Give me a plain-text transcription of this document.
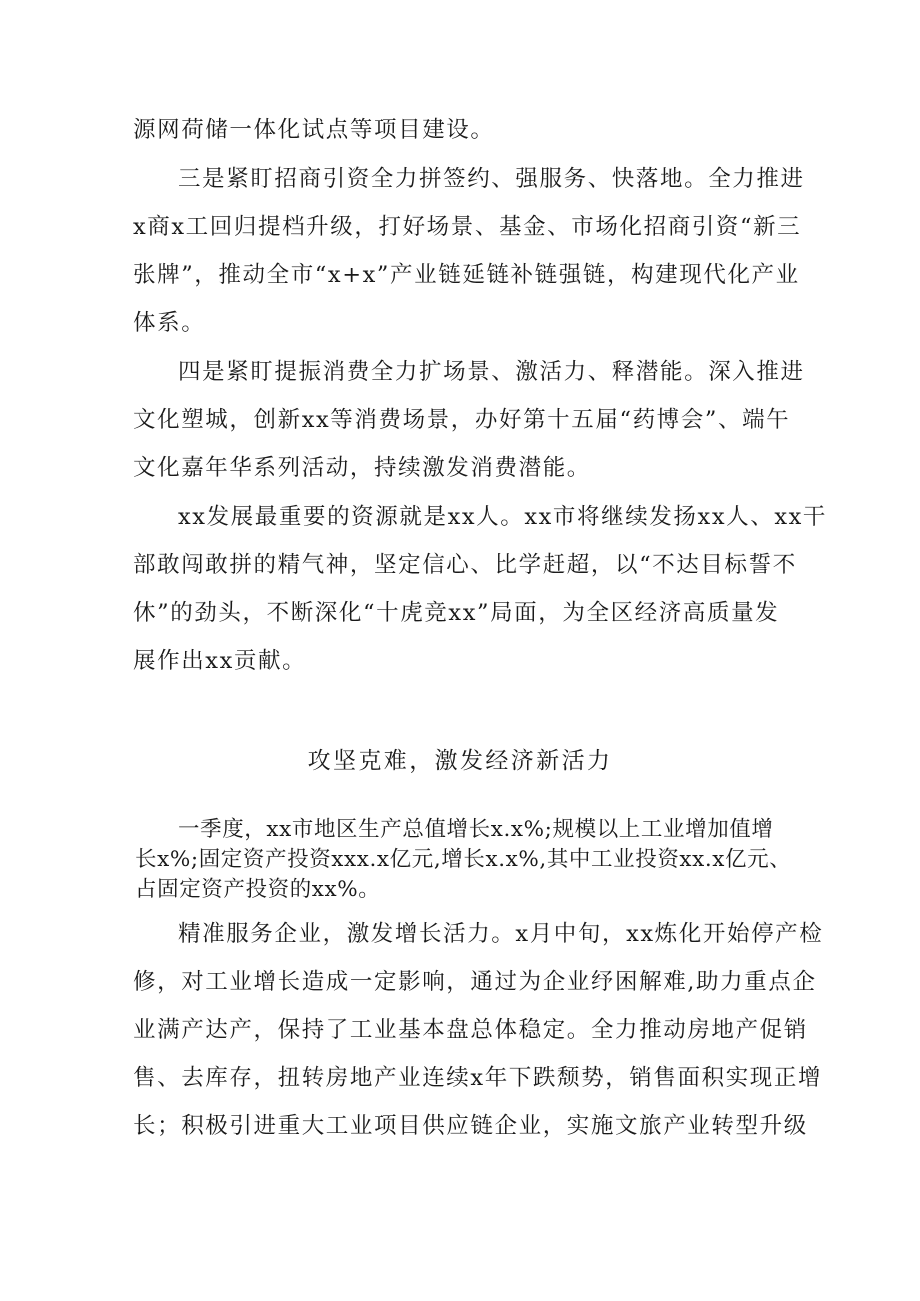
源网荷储一体化试点等项目建设。
三是紧盯招商引资全力拼签约、强服务、快落地。全力推进
x商x工回归提档升级，打好场景、基金、市场化招商引资“新三
张牌”，推动全市“x+x”产业链延链补链强链，构建现代化产业
体系。
四是紧盯提振消费全力扩场景、激活力、释潜能。深入推进
文化塑城，创新xx等消费场景，办好第十五届“药博会”、端午
文化嘉年华系列活动，持续激发消费潜能。
xx发展最重要的资源就是xx人。xx市将继续发扬xx人、xx干
部敢闯敢拼的精气神，坚定信心、比学赶超，以“不达目标誓不
休”的劲头，不断深化“十虎竞xx”局面，为全区经济高质量发
展作出xx贡献。
攻坚克难，激发经济新活力
一季度，xx市地区生产总值增长x.x%;规模以上工业增加值增
长x%;固定资产投资xxx.x亿元,增长x.x%,其中工业投资xx.x亿元、
占固定资产投资的xx%。
精准服务企业，激发增长活力。x月中旬，xx炼化开始停产检
修，对工业增长造成一定影响，通过为企业纾困解难,助力重点企
业满产达产，保持了工业基本盘总体稳定。全力推动房地产促销
售、去库存，扭转房地产业连续x年下跌颓势，销售面积实现正增
长；积极引进重大工业项目供应链企业，实施文旅产业转型升级
